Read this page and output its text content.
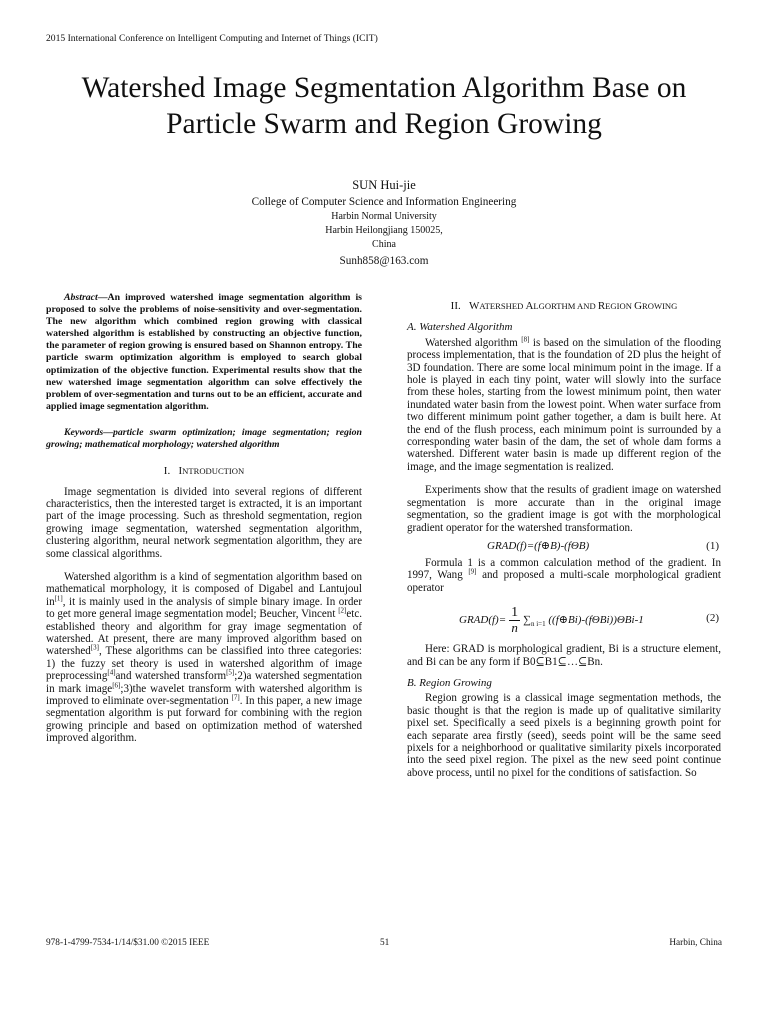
2015 International Conference on Intelligent Computing and Internet of Things (ICIT)
Watershed Image Segmentation Algorithm Base on Particle Swarm and Region Growing
SUN Hui-jie
College of Computer Science and Information Engineering
Harbin Normal University
Harbin Heilongjiang 150025,
China
Sunh858@163.com

Abstract—An improved watershed image segmentation algorithm is proposed to solve the problems of noise-sensitivity and over-segmentation. The new algorithm which combined region growing with classical watershed algorithm is established by constructing an objective function, the parameter of region growing is ensured based on Shannon entropy. The particle swarm optimization algorithm is employed to search global optimization of the objective function. Experimental results show that the new watershed image segmentation algorithm can solve effectively the problem of over-segmentation and turns out to be an efficient, accurate and applied image segmentation algorithm.

Keywords—particle swarm optimization; image segmentation; region growing; mathematical morphology; watershed algorithm

I. INTRODUCTION

Image segmentation is divided into several regions of different characteristics, then the interested target is extracted, it is an important part of the image processing. Such as threshold segmentation, region growing image segmentation, watershed segmentation algorithm, clustering algorithm, neural network segmentation algorithm, they are some classical algorithms.

Watershed algorithm is a kind of segmentation algorithm based on mathematical morphology, it is composed of Digabel and Lantujoul in[1], it is mainly used in the analysis of simple binary image. In order to get more general image segmentation model; Beucher, Vincent [2]etc. established theory and algorithm for gray image segmentation of watershed. At present, there are many improved algorithm based on watershed[3], These algorithms can be classified into three categories: 1) the fuzzy set theory is used in watershed algorithm of image preprocessing[4]and watershed transform[5];2)a watershed segmentation in mark image[6];3)the wavelet transform with watershed algorithm is improved to eliminate over-segmentation [7]. In this paper, a new image segmentation algorithm is put forward for combining with the region growing principle and based on optimization method of watershed improved algorithm.

II. WATERSHED ALGORTHM AND REGION GROWING
A. Watershed Algorithm

Watershed algorithm [8] is based on the simulation of the flooding process implementation, that is the foundation of 2D plus the height of 3D foundation. There are some local minimum point in the image. If a hole is played in each tiny point, water will slowly into the surface from these holes, starting from the lowest minimum point, then water inundated water basin from the lowest point. When water surface from two different minimum point gather together, a dam is built here. At the end of the flush process, each minimum point is surrounded by a corresponding water basin of the dam, the set of whole dam forms a watershed. Different water basin is made up different region of the image, and the image segmentation is realized.

Experiments show that the results of gradient image on watershed segmentation is more accurate than in the original image segmentation, so the gradient image is got with the morphological gradient operator for the watershed transformation.

GRAD(f)=(f⊕B)-(fΘB)	(1)

Formula 1 is a common calculation method of the gradient. In 1997, Wang [9] and proposed a multi-scale morphological gradient operator

GRAD(f)= $\frac{1}{n} \sum_{n i=1}$ ((f⊕Bi)-(fΘBi))ΘBi-1	(2)

Here: GRAD is morphological gradient, Bi is a structure element, and Bi can be any form if B0⊆B1⊆…⊆Bn.

B. Region Growing

Region growing is a classical image segmentation methods, the basic thought is that the region is made up of qualitative similarity pixel set. Specifically a seed pixels is a beginning growth point for each separate area firstly (seed), seeds point will be the same seed pixels for a neighborhood or qualitative similarity pixels incorporated into the seed pixel region. The pixel as the new seed point continue above process, until no pixel for the conditions of satisfaction. So

978-1-4799-7534-1/14/$31.00 ©2015 IEEE	51	Harbin, China
